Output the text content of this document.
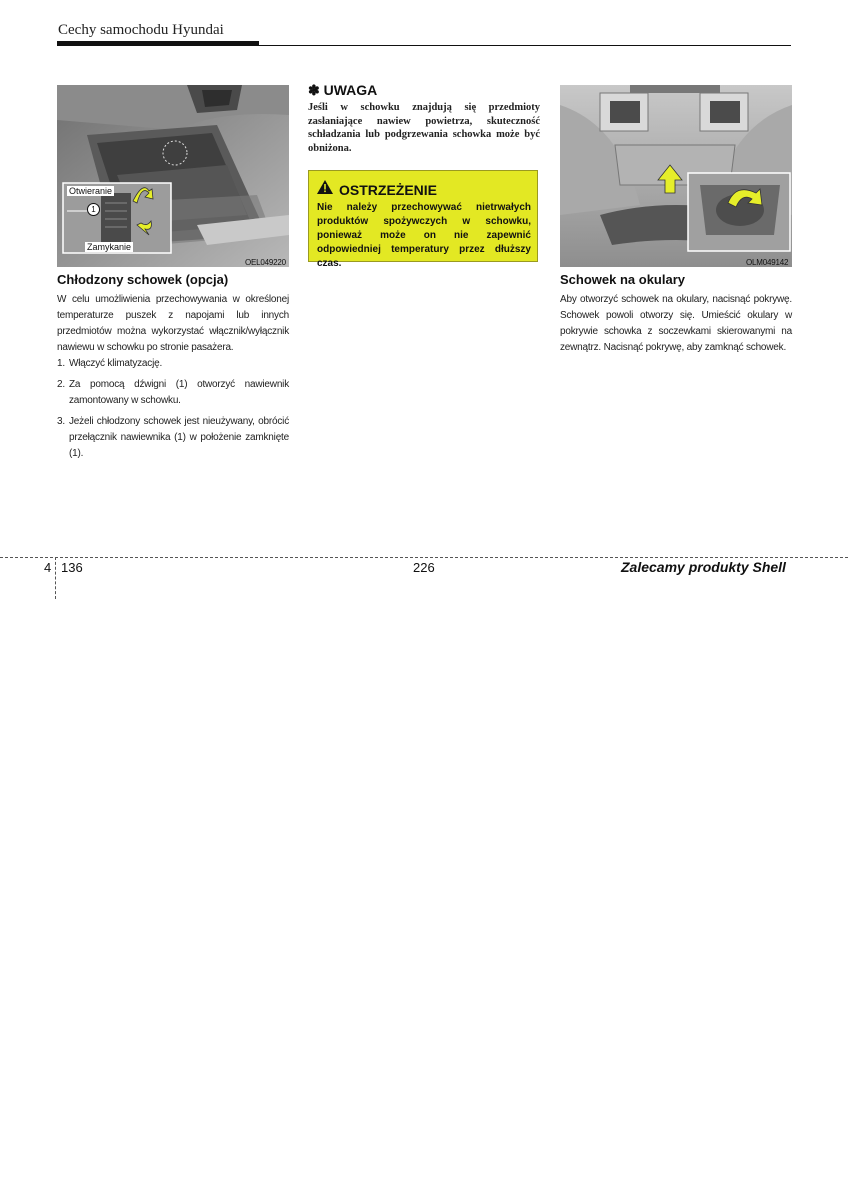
Cechy samochodu Hyundai
Otwieranie
1
Zamykanie
OEL049220
Chłodzony schowek (opcja)
W celu umożliwienia przechowywania w określonej temperaturze puszek z napojami lub innych przedmiotów można wykorzystać włącznik/wyłącznik nawiewu w schowku po stronie pasażera.
1. Włączyć klimatyzację.
2. Za pomocą dźwigni (1) otworzyć nawiewnik zamontowany w schowku.
3. Jeżeli chłodzony schowek jest nieużywany, obrócić przełącznik nawiewnika (1) w położenie zamknięte (1).
✽ UWAGA
Jeśli w schowku znajdują się przedmioty zasłaniające nawiew powietrza, skuteczność schładzania lub podgrzewania schowka może być obniżona.
OSTRZEŻENIE
Nie należy przechowywać nietrwałych produktów spożywczych w schowku, ponieważ może on nie zapewnić odpowiedniej temperatury przez dłuższy czas.	OLM049142
Schowek na okulary
Aby otworzyć schowek na okulary, nacisnąć pokrywę. Schowek powoli otworzy się. Umieścić okulary w pokrywie schowka z soczewkami skierowanymi na zewnątrz. Nacisnąć pokrywę, aby zamknąć schowek.
4 136	226	Zalecamy produkty Shell
